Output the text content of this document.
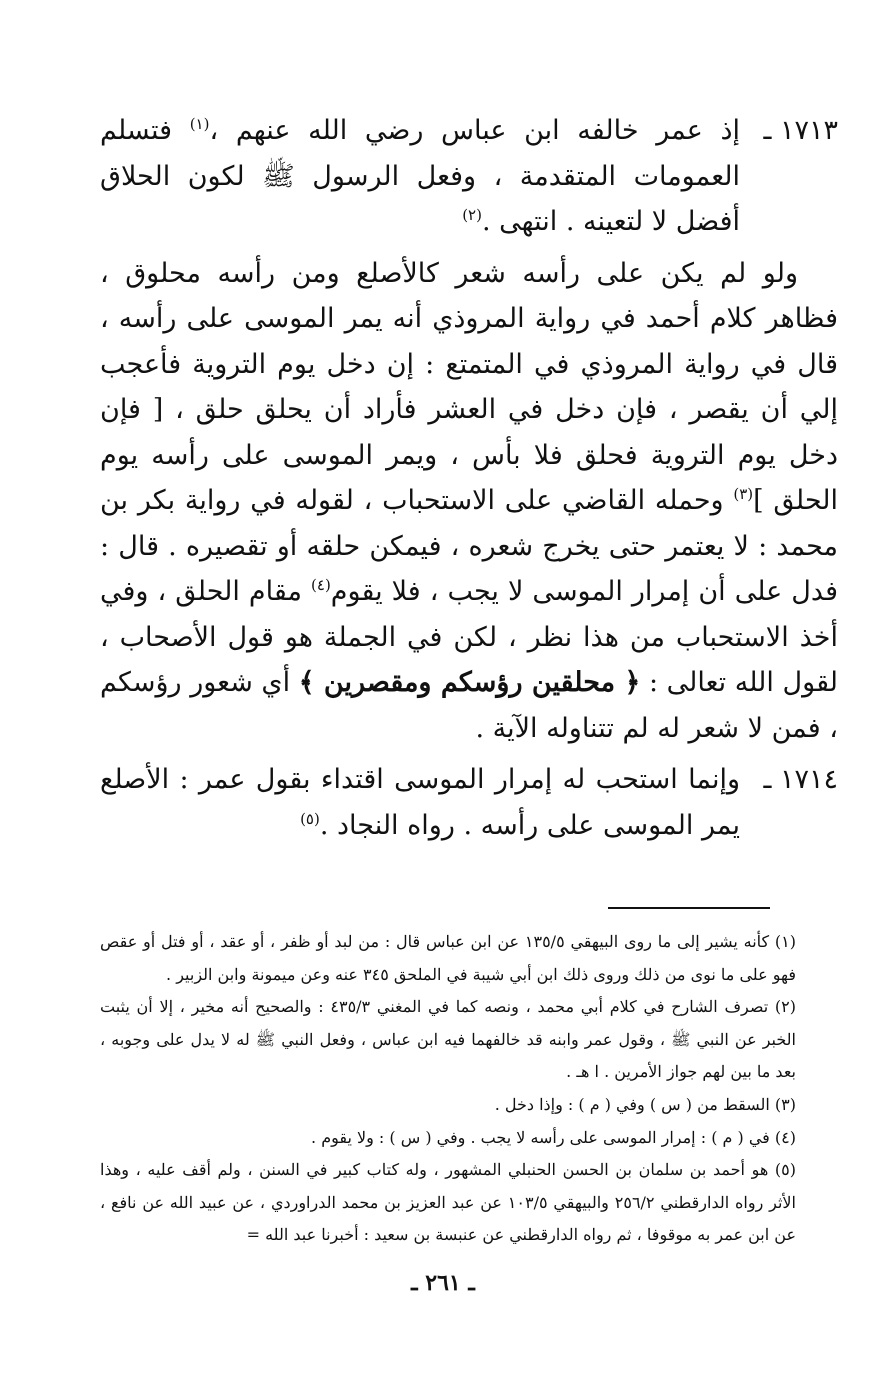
١٧١٣ ـ
إذ عمر خالفه ابن عباس رضي الله عنهم ،$^{(١)}$ فتسلم العمومات المتقدمة ، وفعل الرسول ﷺ لكون الحلاق أفضل لا لتعينه . انتهى .$^{(٢)}$

ولو لم يكن على رأسه شعر كالأصلع ومن رأسه محلوق ، فظاهر كلام أحمد في رواية المروذي أنه يمر الموسى على رأسه ، قال في رواية المروذي في المتمتع : إن دخل يوم التروية فأعجب إلي أن يقصر ، فإن دخل في العشر فأراد أن يحلق حلق ، [ فإن دخل يوم التروية فحلق فلا بأس ، ويمر الموسى على رأسه يوم الحلق ]$^{(٣)}$ وحمله القاضي على الاستحباب ، لقوله في رواية بكر بن محمد : لا يعتمر حتى يخرج شعره ، فيمكن حلقه أو تقصيره . قال : فدل على أن إمرار الموسى لا يجب ، فلا يقوم$^{(٤)}$ مقام الحلق ، وفي أخذ الاستحباب من هذا نظر ، لكن في الجملة هو قول الأصحاب ، لقول الله تعالى : ﴿ محلقين رؤسكم ومقصرين ﴾ أي شعور رؤسكم ، فمن لا شعر له لم تتناوله الآية .

١٧١٤ ـ
وإنما استحب له إمرار الموسى اقتداء بقول عمر : الأصلع يمر الموسى على رأسه . رواه النجاد .$^{(٥)}$

(١) كأنه يشير إلى ما روى البيهقي ١٣٥/٥ عن ابن عباس قال : من لبد أو ظفر ، أو عقد ، أو فتل أو عقص فهو على ما نوى من ذلك وروى ذلك ابن أبي شيبة في الملحق ٣٤٥ عنه وعن ميمونة وابن الزبير .

(٢) تصرف الشارح في كلام أبي محمد ، ونصه كما في المغني ٤٣٥/٣ : والصحيح أنه مخير ، إلا أن يثبت الخبر عن النبي ﷺ ، وقول عمر وابنه قد خالفهما فيه ابن عباس ، وفعل النبي ﷺ له لا يدل على وجوبه ، بعد ما بين لهم جواز الأمرين . ا هـ .

(٣) السقط من ( س ) وفي ( م ) : وإذا دخل .

(٤) في ( م ) : إمرار الموسى على رأسه لا يجب . وفي ( س ) : ولا يقوم .

(٥) هو أحمد بن سلمان بن الحسن الحنبلي المشهور ، وله كتاب كبير في السنن ، ولم أقف عليه ، وهذا الأثر رواه الدارقطني ٢٥٦/٢ والبيهقي ١٠٣/٥ عن عبد العزيز بن محمد الدراوردي ، عن عبيد الله عن نافع ، عن ابن عمر به موقوفا ، ثم رواه الدارقطني عن عنبسة بن سعيد : أخبرنا عبد الله =

ـ ٢٦١ ـ
